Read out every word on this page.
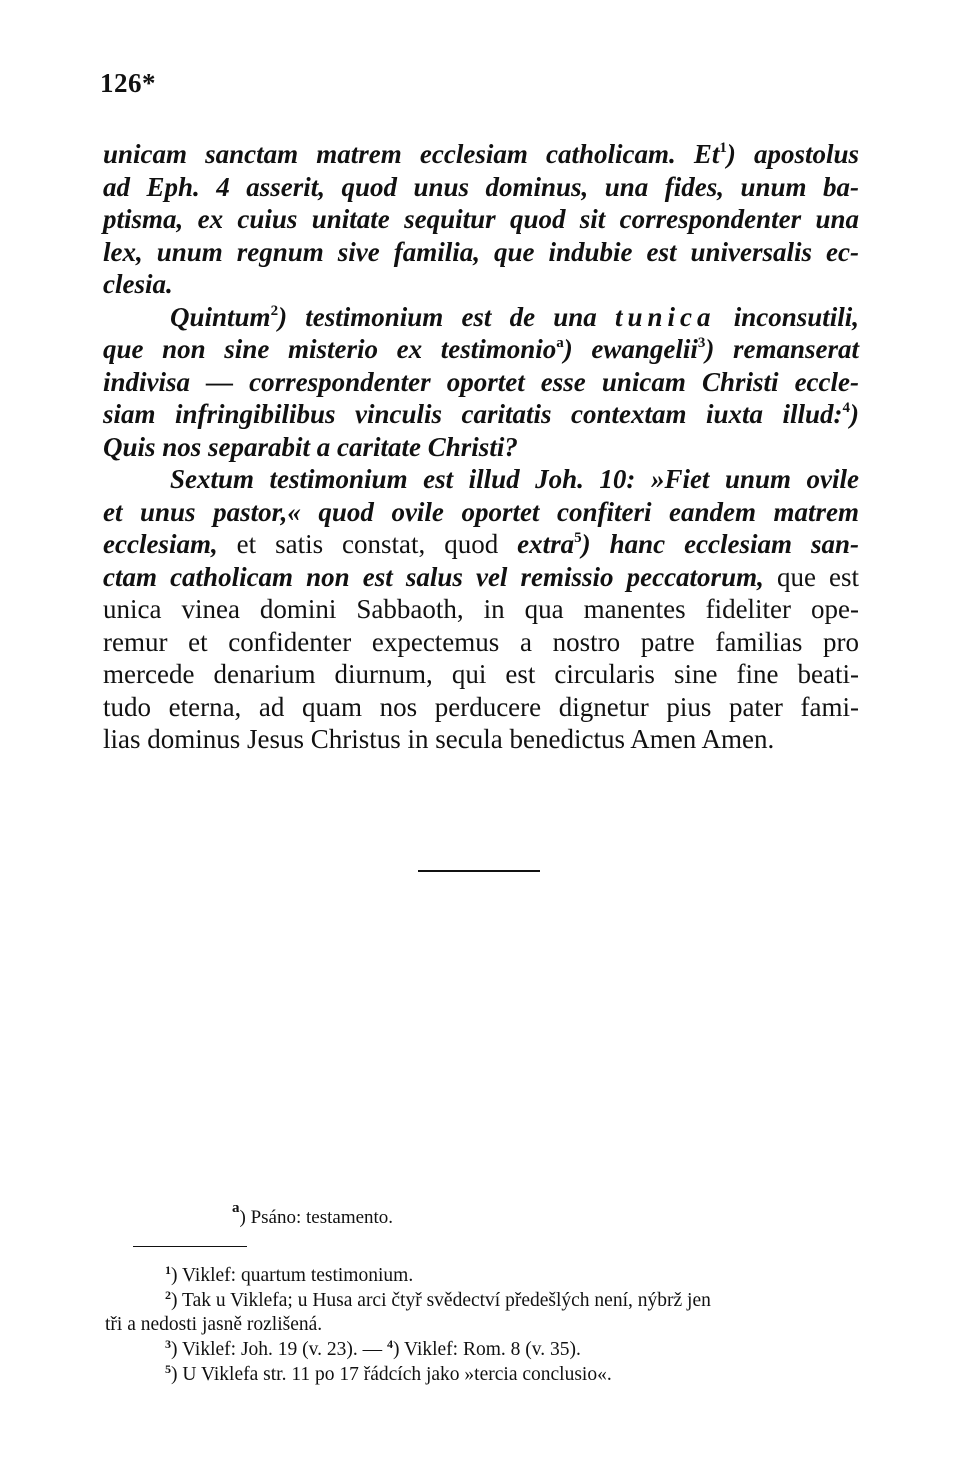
126*

unicam sanctam matrem ecclesiam catholicam. Et$^1$) apostolus

ad Eph. 4 asserit, quod unus dominus, una fides, unum ba-

ptisma, ex cuius unitate sequitur quod sit correspondenter una

lex, unum regnum sive familia, que indubie est universalis ec-

clesia.

Quintum$^2$) testimonium est de una tunica inconsutili,

que non sine misterio ex testimonio$^a$) ewangelii$^3$) remanserat

indivisa — correspondenter oportet esse unicam Christi eccle-

siam infringibilibus vinculis caritatis contextam iuxta illud:$^4$)

Quis nos separabit a caritate Christi?

Sextum testimonium est illud Joh. 10: »Fiet unum ovile

et unus pastor,« quod ovile oportet confiteri eandem matrem

ecclesiam, et satis constat, quod extra$^5$) hanc ecclesiam san-

ctam catholicam non est salus vel remissio peccatorum, que est

unica vinea domini Sabbaoth, in qua manentes fideliter ope-

remur et confidenter expectemus a nostro patre familias pro

mercede denarium diurnum, qui est circularis sine fine beati-

tudo eterna, ad quam nos perducere dignetur pius pater fami-

lias dominus Jesus Christus in secula benedictus Amen Amen.

$^a$) Psáno: testamento.

$^1$) Viklef: quartum testimonium.

$^2$) Tak u Viklefa; u Husa arci čtyř svědectví předešlých není, nýbrž jen

tři a nedosti jasně rozlišená.

$^3$) Viklef: Joh. 19 (v. 23). — $^4$) Viklef: Rom. 8 (v. 35).

$^5$) U Viklefa str. 11 po 17 řádcích jako »tercia conclusio«.
